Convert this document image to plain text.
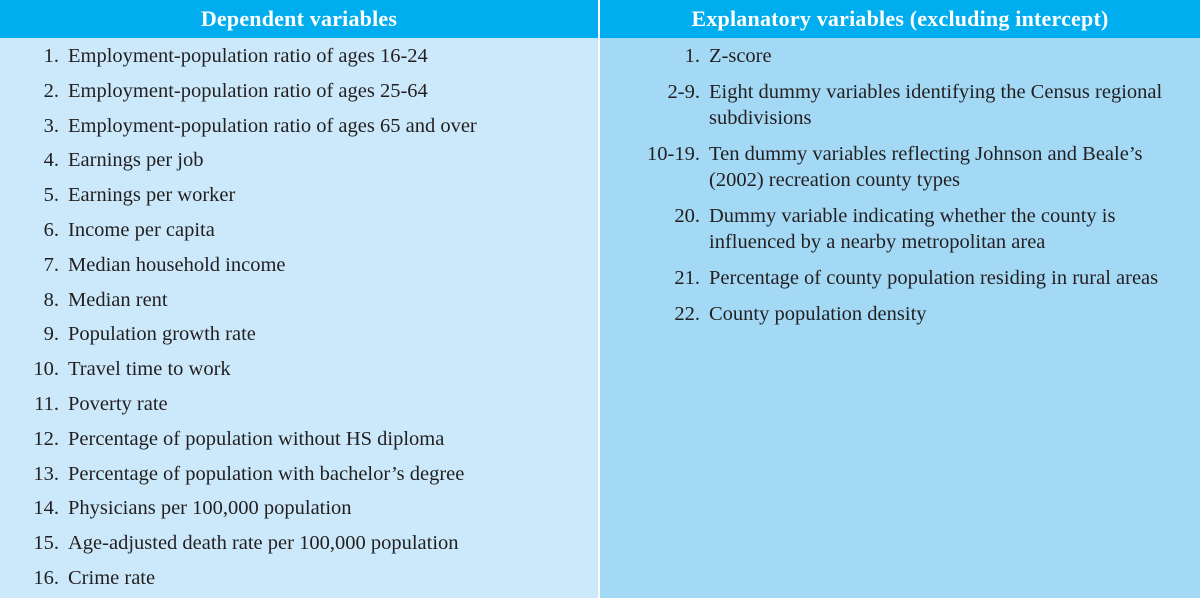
Dependent variables
1. Employment-population ratio of ages 16-24
2. Employment-population ratio of ages 25-64
3. Employment-population ratio of ages 65 and over
4. Earnings per job
5. Earnings per worker
6. Income per capita
7. Median household income
8. Median rent
9. Population growth rate
10. Travel time to work
11. Poverty rate
12. Percentage of population without HS diploma
13. Percentage of population with bachelor’s degree
14. Physicians per 100,000 population
15. Age-adjusted death rate per 100,000 population
16. Crime rate
Explanatory variables (excluding intercept)
1. Z-score
2-9. Eight dummy variables identifying the Census regional subdivisions
10-19. Ten dummy variables reflecting Johnson and Beale’s (2002) recreation county types
20. Dummy variable indicating whether the county is influenced by a nearby metropolitan area
21. Percentage of county population residing in rural areas
22. County population density
